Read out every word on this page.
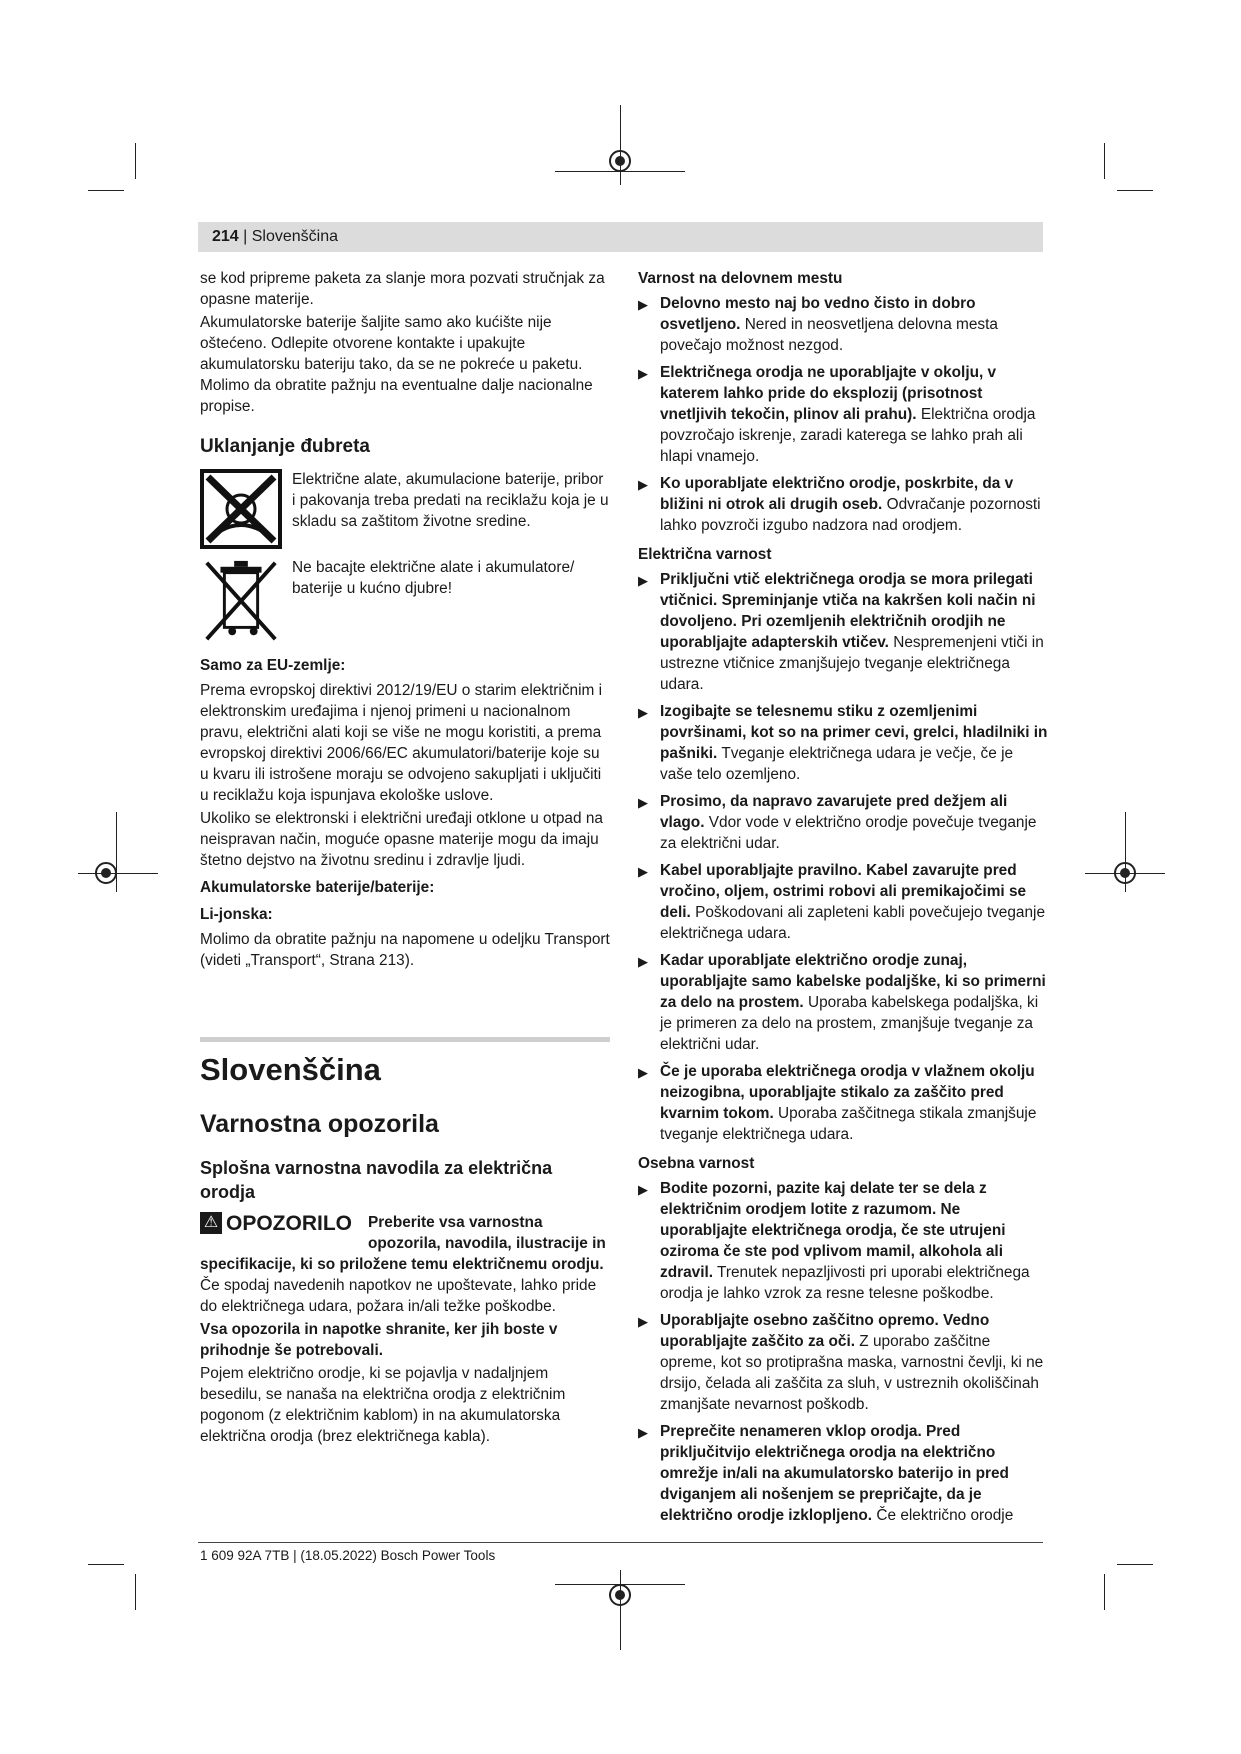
214 | Slovenščina

se kod pripreme paketa za slanje mora pozvati stručnjak za opasne materije.

Akumulatorske baterije šaljite samo ako kućište nije oštećeno. Odlepite otvorene kontakte i upakujte akumulatorsku bateriju tako, da se ne pokreće u paketu. Molimo da obratite pažnju na eventualne dalje nacionalne propise.

Uklanjanje đubreta
Električne alate, akumulacione baterije, pribor i pakovanja treba predati na reciklažu koja je u skladu sa zaštitom životne sredine.
Ne bacajte električne alate i akumulatore/ baterije u kućno djubre!
Samo za EU-zemlje:

Prema evropskoj direktivi 2012/19/EU o starim električnim i elektronskim uređajima i njenoj primeni u nacionalnom pravu, električni alati koji se više ne mogu koristiti, a prema evropskoj direktivi 2006/66/EC akumulatori/baterije koje su u kvaru ili istrošene moraju se odvojeno sakupljati i uključiti u reciklažu koja ispunjava ekološke uslove.

Ukoliko se elektronski i električni uređaji otklone u otpad na neispravan način, moguće opasne materije mogu da imaju štetno dejstvo na životnu sredinu i zdravlje ljudi.

Akumulatorske baterije/baterije:
Li-jonska:

Molimo da obratite pažnju na napomene u odeljku Transport (videti „Transport“, Strana 213).

Slovenščina
Varnostna opozorila
Splošna varnostna navodila za električna orodja
⚠ OPOZORILO Preberite vsa varnostna opozorila, navodila, ilustracije in
specifikacije, ki so priložene temu električnemu orodju.

Če spodaj navedenih napotkov ne upoštevate, lahko pride do električnega udara, požara in/ali težke poškodbe.

Vsa opozorila in napotke shranite, ker jih boste v prihodnje še potrebovali.

Pojem električno orodje, ki se pojavlja v nadaljnjem besedilu, se nanaša na električna orodja z električnim pogonom (z električnim kablom) in na akumulatorska električna orodja (brez električnega kabla).

Varnost na delovnem mestu
▶ Delovno mesto naj bo vedno čisto in dobro osvetljeno. Nered in neosvetljena delovna mesta povečajo možnost nezgod.
▶ Električnega orodja ne uporabljajte v okolju, v katerem lahko pride do eksplozij (prisotnost vnetljivih tekočin, plinov ali prahu). Električna orodja povzročajo iskrenje, zaradi katerega se lahko prah ali hlapi vnamejo.
▶ Ko uporabljate električno orodje, poskrbite, da v bližini ni otrok ali drugih oseb. Odvračanje pozornosti lahko povzroči izgubo nadzora nad orodjem.
Električna varnost
▶ Priključni vtič električnega orodja se mora prilegati vtičnici. Spreminjanje vtiča na kakršen koli način ni dovoljeno. Pri ozemljenih električnih orodjih ne uporabljajte adapterskih vtičev. Nespremenjeni vtiči in ustrezne vtičnice zmanjšujejo tveganje električnega udara.
▶ Izogibajte se telesnemu stiku z ozemljenimi površinami, kot so na primer cevi, grelci, hladilniki in pašniki. Tveganje električnega udara je večje, če je vaše telo ozemljeno.
▶ Prosimo, da napravo zavarujete pred dežjem ali vlago. Vdor vode v električno orodje povečuje tveganje za električni udar.
▶ Kabel uporabljajte pravilno. Kabel zavarujte pred vročino, oljem, ostrimi robovi ali premikajočimi se deli. Poškodovani ali zapleteni kabli povečujejo tveganje električnega udara.
▶ Kadar uporabljate električno orodje zunaj, uporabljajte samo kabelske podaljške, ki so primerni za delo na prostem. Uporaba kabelskega podaljška, ki je primeren za delo na prostem, zmanjšuje tveganje za električni udar.
▶ Če je uporaba električnega orodja v vlažnem okolju neizogibna, uporabljajte stikalo za zaščito pred kvarnim tokom. Uporaba zaščitnega stikala zmanjšuje tveganje električnega udara.
Osebna varnost
▶ Bodite pozorni, pazite kaj delate ter se dela z električnim orodjem lotite z razumom. Ne uporabljajte električnega orodja, če ste utrujeni oziroma če ste pod vplivom mamil, alkohola ali zdravil. Trenutek nepazljivosti pri uporabi električnega orodja je lahko vzrok za resne telesne poškodbe.
▶ Uporabljajte osebno zaščitno opremo. Vedno uporabljajte zaščito za oči. Z uporabo zaščitne opreme, kot so protiprašna maska, varnostni čevlji, ki ne drsijo, čelada ali zaščita za sluh, v ustreznih okoliščinah zmanjšate nevarnost poškodb.
▶ Preprečite nenameren vklop orodja. Pred priključitvijo električnega orodja na električno omrežje in/ali na akumulatorsko baterijo in pred dviganjem ali nošenjem se prepričajte, da je električno orodje izklopljeno. Če električno orodje
1 609 92A 7TB | (18.05.2022) Bosch Power Tools
